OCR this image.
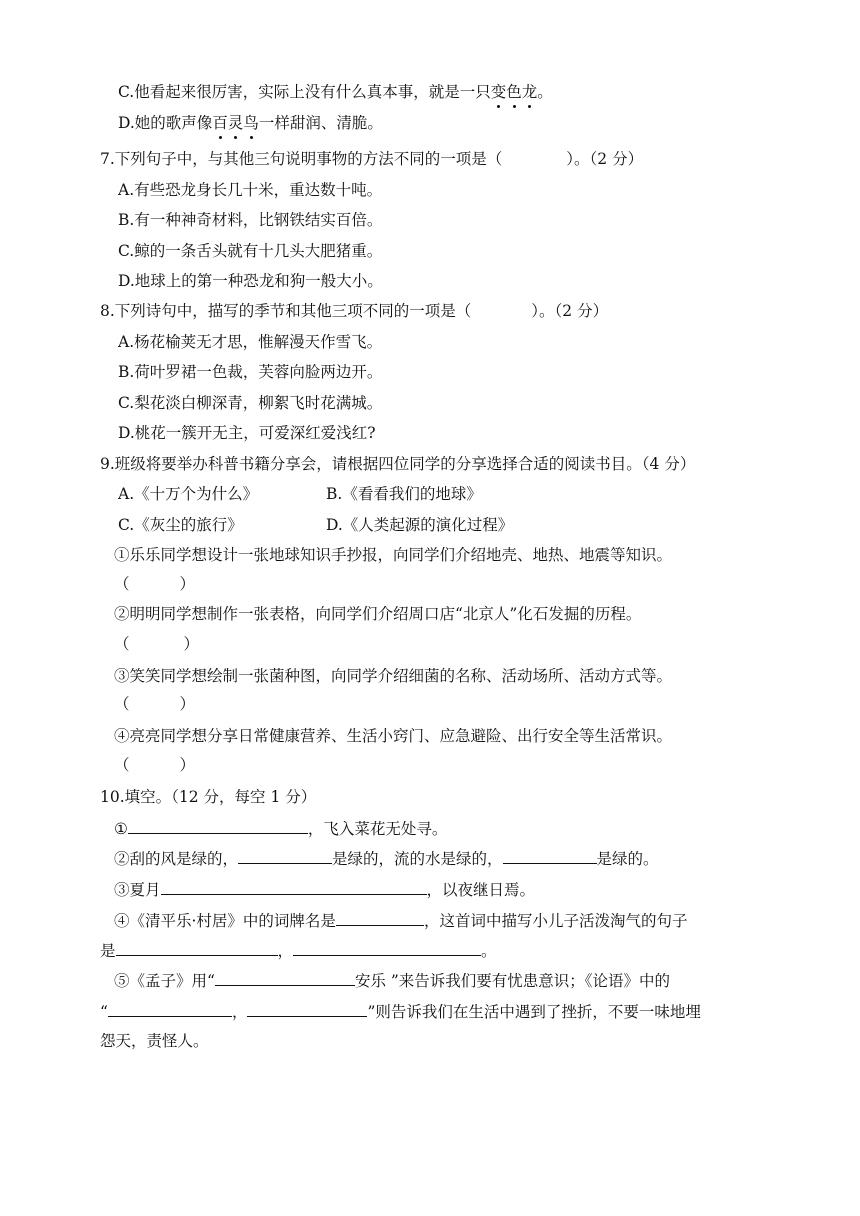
C.他看起来很厉害，实际上没有什么真本事，就是一只变色龙。
D.她的歌声像百灵鸟一样甜润、清脆。
7.下列句子中，与其他三句说明事物的方法不同的一项是（	）。（2 分）
A.有些恐龙身长几十米，重达数十吨。
B.有一种神奇材料，比钢铁结实百倍。
C.鲸的一条舌头就有十几头大肥猪重。
D.地球上的第一种恐龙和狗一般大小。
8.下列诗句中，描写的季节和其他三项不同的一项是（	）。（2 分）
A.杨花榆荚无才思，惟解漫天作雪飞。
B.荷叶罗裙一色裁，芙蓉向脸两边开。
C.梨花淡白柳深青，柳絮飞时花满城。
D.桃花一簇开无主，可爱深红爱浅红?
9.班级将要举办科普书籍分享会，请根据四位同学的分享选择合适的阅读书目。（4 分）
A.《十万个为什么》	B.《看看我们的地球》
C.《灰尘的旅行》	D.《人类起源的演化过程》
①乐乐同学想设计一张地球知识手抄报，向同学们介绍地壳、地热、地震等知识。
（	）
②明明同学想制作一张表格，向同学们介绍周口店“北京人”化石发掘的历程。
（	）
③笑笑同学想绘制一张菌种图，向同学介绍细菌的名称、活动场所、活动方式等。
（	）
④亮亮同学想分享日常健康营养、生活小窍门、应急避险、出行安全等生活常识。
（	）
10.填空。（12 分，每空 1 分）
①	，飞入菜花无处寻。
②刮的风是绿的，	是绿的，流的水是绿的，	是绿的。
③夏月	，以夜继日焉。
④《清平乐·村居》中的词牌名是	，这首词中描写小儿子活泼淘气的句子
是	，	。
⑤《孟子》用“	安乐 ”来告诉我们要有忧患意识；《论语》中的
“	，	”则告诉我们在生活中遇到了挫折，不要一味地埋
怨天，责怪人。
